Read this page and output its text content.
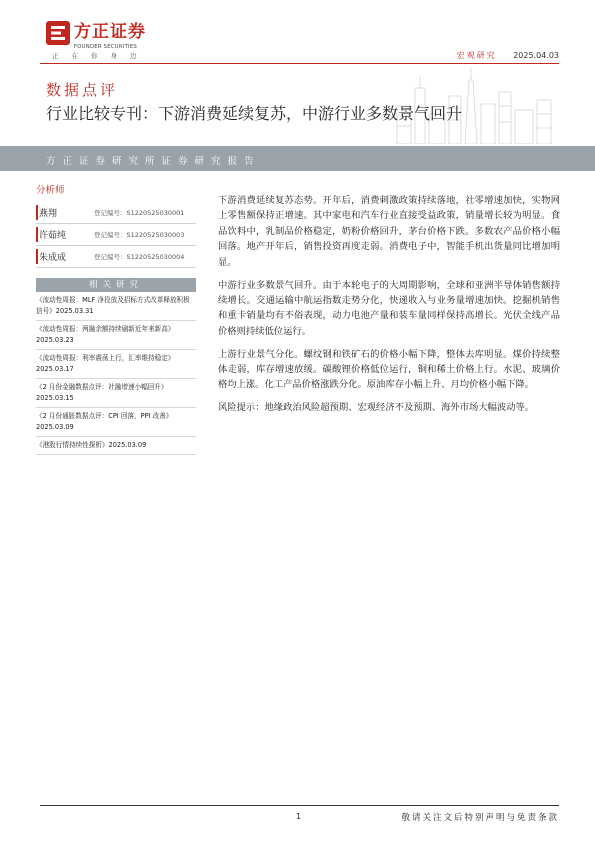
方正证券
FOUNDER SECURITIES
正在你身边	宏观研究 2025.04.03
数据点评
行业比较专刊：下游消费延续复苏，中游行业多数景气回升
方正证券研究所证券研究报告
分析师
燕翔	登记编号：S1220525030001
许茹纯	登记编号：S1220525030003
朱成成	登记编号：S1220525030004
相关研究
《流动性周报：MLF 净投放及招标方式改革释放积极信号》2025.03.31
《流动性周报：两融余额持续刷新近年来新高》2025.03.23
《流动性周报：利率震荡上行，汇率维持稳定》2025.03.17
《2 月份金融数据点评：社融增速小幅回升》2025.03.15
《2 月份通胀数据点评：CPI 回落，PPI 改善》2025.03.09
《港股行情持续性探析》2025.03.09

下游消费延续复苏态势。开年后，消费刺激政策持续落地，社零增速加快，实物网上零售额保持正增速。其中家电和汽车行业直接受益政策，销量增长较为明显。食品饮料中，乳制品价格稳定，奶粉价格回升，茅台价格下跌。多数农产品价格小幅回落。地产开年后，销售投资再度走弱。消费电子中，智能手机出货量同比增加明显。

中游行业多数景气回升。由于本轮电子的大周期影响，全球和亚洲半导体销售额持续增长。交通运输中航运指数走势分化，快递收入与业务量增速加快。挖掘机销售和重卡销量均有不俗表现，动力电池产量和装车量同样保持高增长。光伏全线产品价格则持续低位运行。

上游行业景气分化。螺纹钢和铁矿石的价格小幅下降，整体去库明显。煤价持续整体走弱，库存增速放缓。碳酸锂价格低位运行，铜和稀土价格上行。水泥、玻璃价格均上涨。化工产品价格涨跌分化。原油库存小幅上升、月均价格小幅下降。

风险提示：地缘政治风险超预期、宏观经济不及预期、海外市场大幅波动等。

1	敬请关注文后特别声明与免责条款
